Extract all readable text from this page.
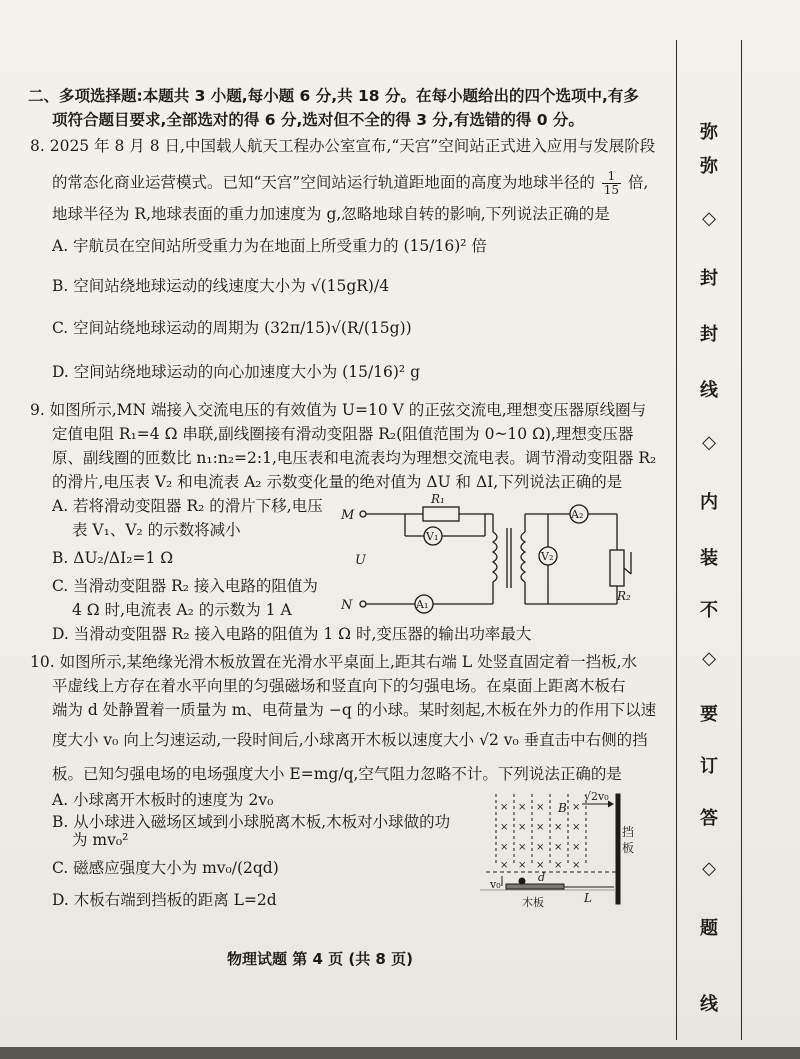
二、多项选择题:本题共 3 小题,每小题 6 分,共 18 分。在每小题给出的四个选项中,有多
项符合题目要求,全部选对的得 6 分,选对但不全的得 3 分,有选错的得 0 分。
8. 2025 年 8 月 8 日,中国载人航天工程办公室宣布,“天宫”空间站正式进入应用与发展阶段
的常态化商业运营模式。已知“天宫”空间站运行轨道距地面的高度为地球半径的 $\frac{1}{15}$ 倍,
地球半径为 R,地球表面的重力加速度为 g,忽略地球自转的影响,下列说法正确的是
A. 宇航员在空间站所受重力为在地面上所受重力的 (15/16)² 倍
B. 空间站绕地球运动的线速度大小为 √(15gR)/4
C. 空间站绕地球运动的周期为 (32π/15)√(R/(15g))
D. 空间站绕地球运动的向心加速度大小为 (15/16)² g
9. 如图所示,MN 端接入交流电压的有效值为 U=10 V 的正弦交流电,理想变压器原线圈与
定值电阻 R₁=4 Ω 串联,副线圈接有滑动变阻器 R₂(阻值范围为 0~10 Ω),理想变压器
原、副线圈的匝数比 n₁:n₂=2:1,电压表和电流表均为理想交流电表。调节滑动变阻器 R₂
的滑片,电压表 V₂ 和电流表 A₂ 示数变化量的绝对值为 ΔU 和 ΔI,下列说法正确的是
A. 若将滑动变阻器 R₂ 的滑片下移,电压
表 V₁、V₂ 的示数将减小
B. ΔU₂/ΔI₂=1 Ω
C. 当滑动变阻器 R₂ 接入电路的阻值为
4 Ω 时,电流表 A₂ 的示数为 1 A
D. 当滑动变阻器 R₂ 接入电路的阻值为 1 Ω 时,变压器的输出功率最大
M
R₁
V₁
A₂
R₂
V₂
U
N	A₁
10. 如图所示,某绝缘光滑木板放置在光滑水平桌面上,距其右端 L 处竖直固定着一挡板,水
平虚线上方存在着水平向里的匀强磁场和竖直向下的匀强电场。在桌面上距离木板右
端为 d 处静置着一质量为 m、电荷量为 −q 的小球。某时刻起,木板在外力的作用下以速
度大小 v₀ 向上匀速运动,一段时间后,小球离开木板以速度大小 √2 v₀ 垂直击中右侧的挡
板。已知匀强电场的电场强度大小 E=mg/q,空气阻力忽略不计。下列说法正确的是
A. 小球离开木板时的速度为 2v₀
B. 从小球进入磁场区域到小球脱离木板,木板对小球做的功
为 mv₀²
C. 磁感应强度大小为 mv₀/(2qd)
D. 木板右端到挡板的距离 L=2d
× × ×	×
× × × × ×
× × × × ×
× × × × ×
B
√2v₀
挡
板
v₀
d
L
木板
物理试题 第 4 页 (共 8 页)
弥
弥
◇
封
封
线
◇
内
装
不
◇
要
订
答
◇
题
线
